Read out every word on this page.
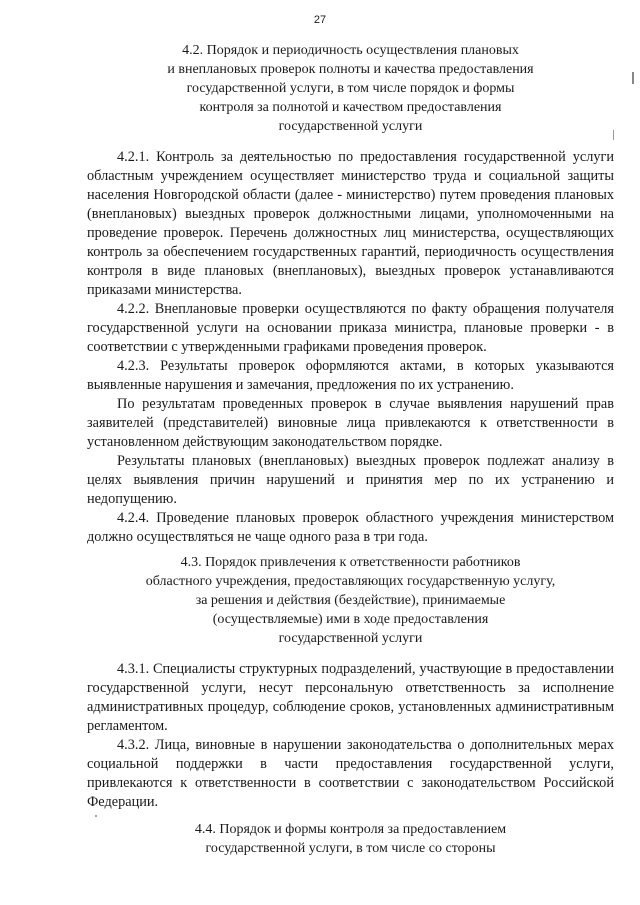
27
4.2. Порядок и периодичность осуществления плановых
и внеплановых проверок полноты и качества предоставления
государственной услуги, в том числе порядок и формы
контроля за полнотой и качеством предоставления
государственной услуги

4.2.1. Контроль за деятельностью по предоставления государственной услуги областным учреждением осуществляет министерство труда и социальной защиты населения Новгородской области (далее - министерство) путем проведения плановых (внеплановых) выездных проверок должностными лицами, уполномоченными на проведение проверок. Перечень должностных лиц министерства, осуществляющих контроль за обеспечением государственных гарантий, периодичность осуществления контроля в виде плановых (внеплановых), выездных проверок устанавливаются приказами министерства.

4.2.2. Внеплановые проверки осуществляются по факту обращения получателя государственной услуги на основании приказа министра, плановые проверки - в соответствии с утвержденными графиками проведения проверок.

4.2.3. Результаты проверок оформляются актами, в которых указываются выявленные нарушения и замечания, предложения по их устранению.

По результатам проведенных проверок в случае выявления нарушений прав заявителей (представителей) виновные лица привлекаются к ответственности в установленном действующим законодательством порядке.

Результаты плановых (внеплановых) выездных проверок подлежат анализу в целях выявления причин нарушений и принятия мер по их устранению и недопущению.

4.2.4. Проведение плановых проверок областного учреждения министерством должно осуществляться не чаще одного раза в три года.

4.3. Порядок привлечения к ответственности работников
областного учреждения, предоставляющих государственную услугу,
за решения и действия (бездействие), принимаемые
(осуществляемые) ими в ходе предоставления
государственной услуги

4.3.1. Специалисты структурных подразделений, участвующие в предоставлении государственной услуги, несут персональную ответственность за исполнение административных процедур, соблюдение сроков, установленных административным регламентом.

4.3.2. Лица, виновные в нарушении законодательства о дополнительных мерах социальной поддержки в части предоставления государственной услуги, привлекаются к ответственности в соответствии с законодательством Российской Федерации.

4.4. Порядок и формы контроля за предоставлением
государственной услуги, в том числе со стороны
